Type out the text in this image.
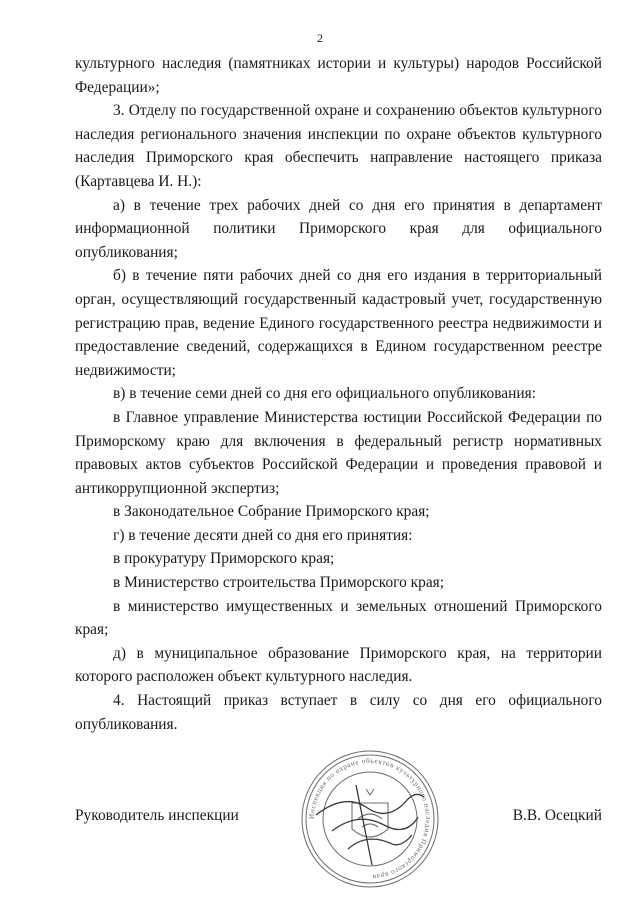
2

культурного наследия (памятниках истории и культуры) народов Российской Федерации»;

3. Отделу по государственной охране и сохранению объектов культурного наследия регионального значения инспекции по охране объектов культурного наследия Приморского края обеспечить направление настоящего приказа (Картавцева И. Н.):

а) в течение трех рабочих дней со дня его принятия в департамент информационной политики Приморского края для официального опубликования;

б) в течение пяти рабочих дней со дня его издания в территориальный орган, осуществляющий государственный кадастровый учет, государственную регистрацию прав, ведение Единого государственного реестра недвижимости и предоставление сведений, содержащихся в Едином государственном реестре недвижимости;

в) в течение семи дней со дня его официального опубликования:

в Главное управление Министерства юстиции Российской Федерации по Приморскому краю для включения в федеральный регистр нормативных правовых актов субъектов Российской Федерации и проведения правовой и антикоррупционной экспертиз;

в Законодательное Собрание Приморского края;

г) в течение десяти дней со дня его принятия:

в прокуратуру Приморского края;

в Министерство строительства Приморского края;

в министерство имущественных и земельных отношений Приморского края;

д) в муниципальное образование Приморского края, на территории которого расположен объект культурного наследия.

4. Настоящий приказ вступает в силу со дня его официального опубликования.

Инспекция по охране объектов культурного наследия Приморского края
Руководитель инспекции	В.В. Осецкий
